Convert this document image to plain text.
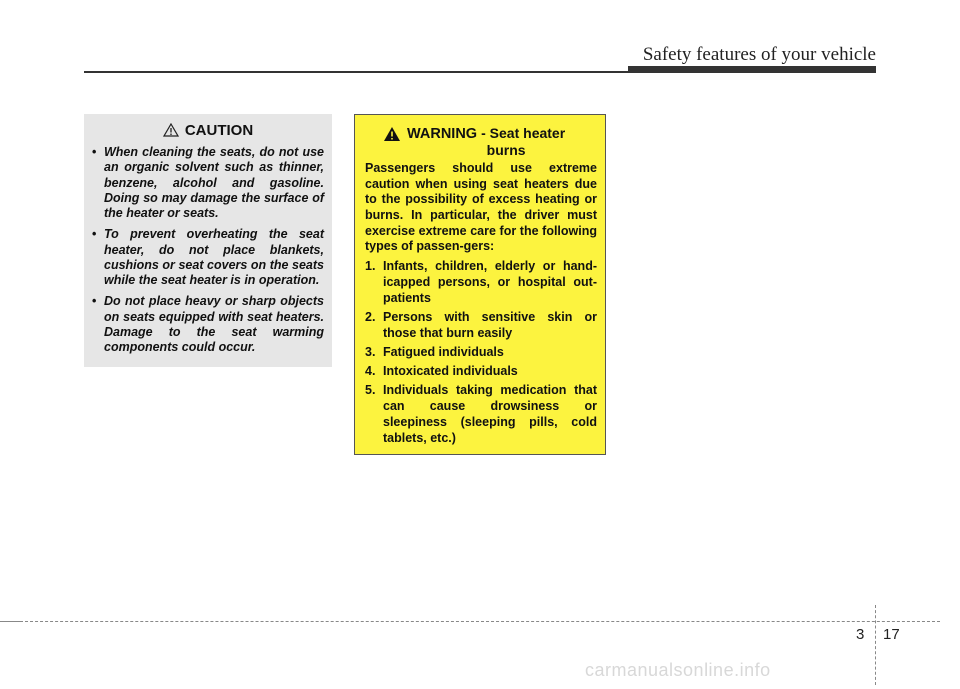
Safety features of your vehicle
CAUTION
• When cleaning the seats, do not use an organic solvent such as thinner, benzene, alcohol and gasoline. Doing so may damage the surface of the heater or seats.
• To prevent overheating the seat heater, do not place blankets, cushions or seat covers on the seats while the seat heater is in operation.
• Do not place heavy or sharp objects on seats equipped with seat heaters. Damage to the seat warming components could occur.
WARNING - Seat heater
burns

Passengers should use extreme caution when using seat heaters due to the possibility of excess heating or burns. In particular, the driver must exercise extreme care for the following types of passen-gers:

1. Infants, children, elderly or hand-icapped persons, or hospital out-patients
2. Persons with sensitive skin or those that burn easily
3. Fatigued individuals
4. Intoxicated individuals
5. Individuals taking medication that can cause drowsiness or sleepiness (sleeping pills, cold tablets, etc.)
3 17
carmanualsonline.info
